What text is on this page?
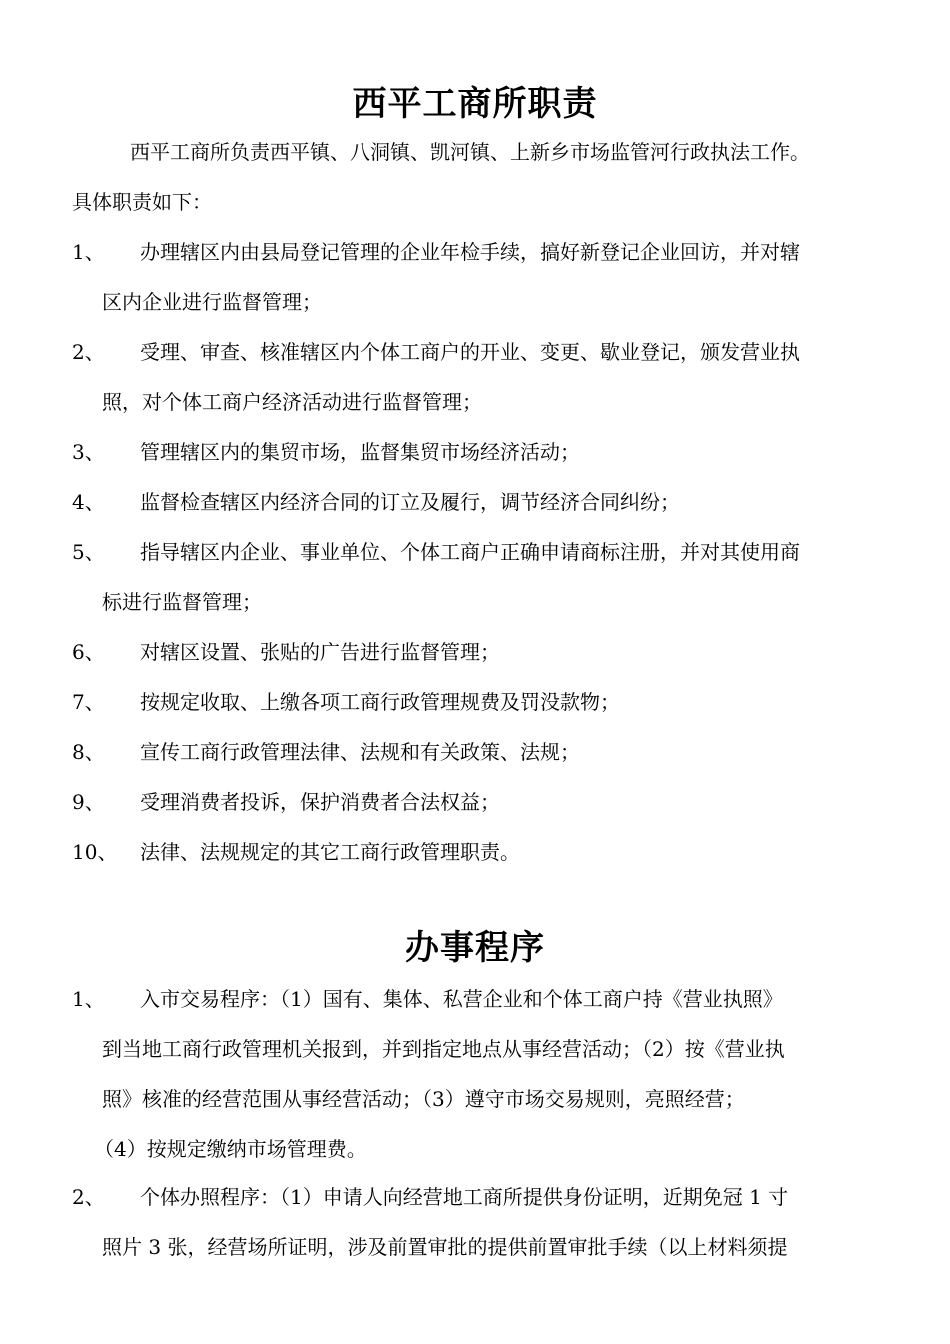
西平工商所职责
西平工商所负责西平镇、八洞镇、凯河镇、上新乡市场监管河行政执法工作。
具体职责如下：
1、	办理辖区内由县局登记管理的企业年检手续，搞好新登记企业回访，并对辖
区内企业进行监督管理；
2、	受理、审查、核准辖区内个体工商户的开业、变更、歇业登记，颁发营业执
照，对个体工商户经济活动进行监督管理；
3、	管理辖区内的集贸市场，监督集贸市场经济活动；
4、	监督检查辖区内经济合同的订立及履行，调节经济合同纠纷；
5、	指导辖区内企业、事业单位、个体工商户正确申请商标注册，并对其使用商
标进行监督管理；
6、	对辖区设置、张贴的广告进行监督管理；
7、	按规定收取、上缴各项工商行政管理规费及罚没款物；
8、	宣传工商行政管理法律、法规和有关政策、法规；
9、	受理消费者投诉，保护消费者合法权益；
10、	法律、法规规定的其它工商行政管理职责。
办事程序
1、	入市交易程序：（1）国有、集体、私营企业和个体工商户持《营业执照》
到当地工商行政管理机关报到，并到指定地点从事经营活动；（2）按《营业执
照》核准的经营范围从事经营活动；（3）遵守市场交易规则，亮照经营；
（4）按规定缴纳市场管理费。
2、	个体办照程序：（1）申请人向经营地工商所提供身份证明，近期免冠 1 寸
照片 3 张，经营场所证明，涉及前置审批的提供前置审批手续（以上材料须提
